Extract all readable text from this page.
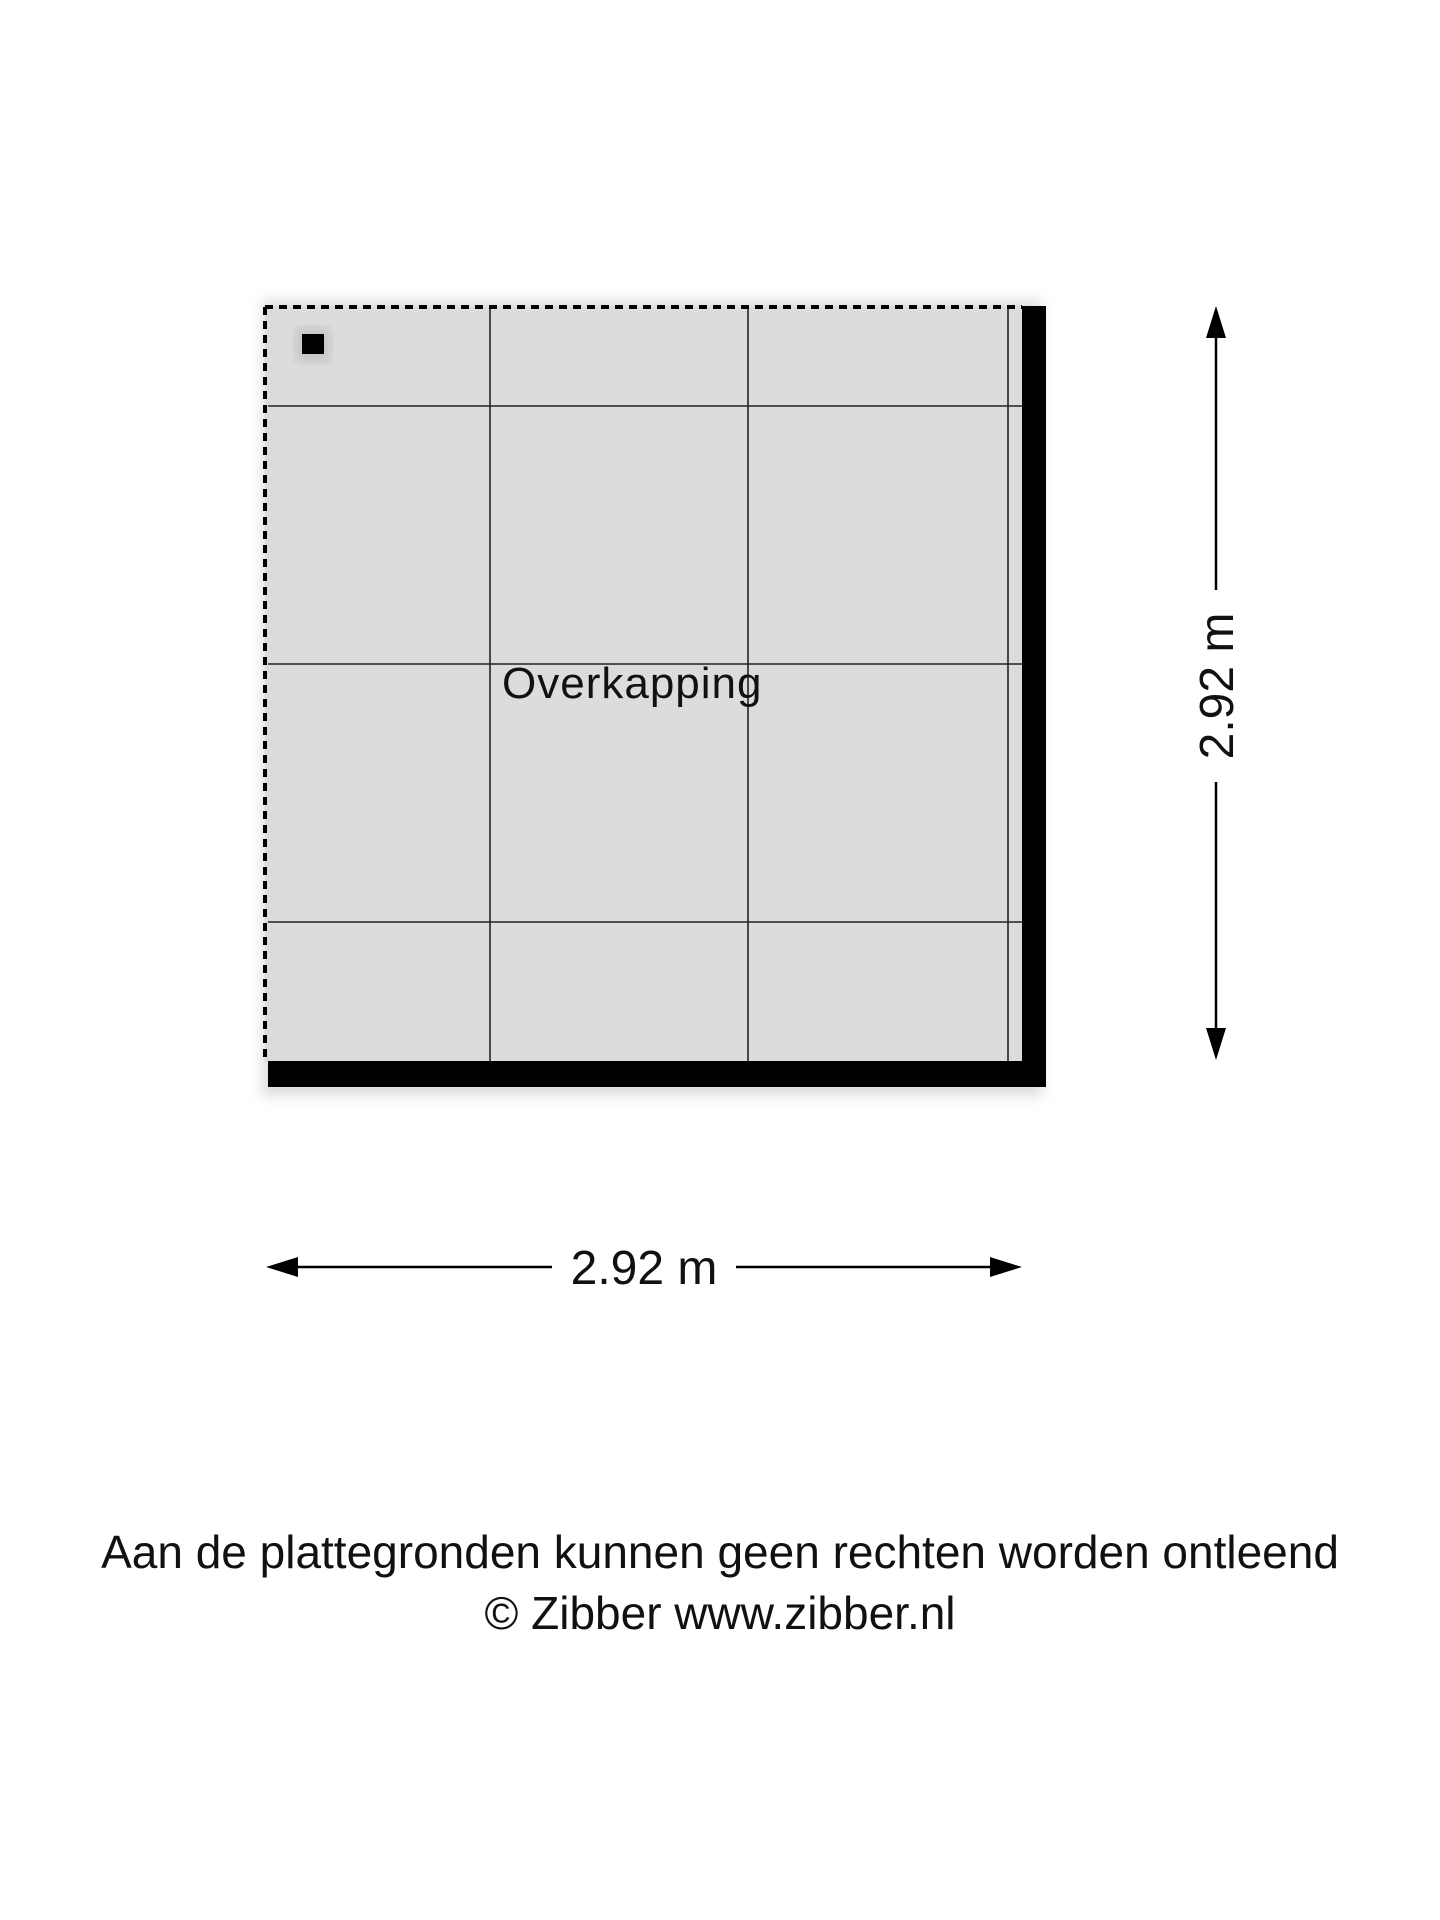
Overkapping
2.92 m
2.92 m
Aan de plattegronden kunnen geen rechten worden ontleend
© Zibber www.zibber.nl
